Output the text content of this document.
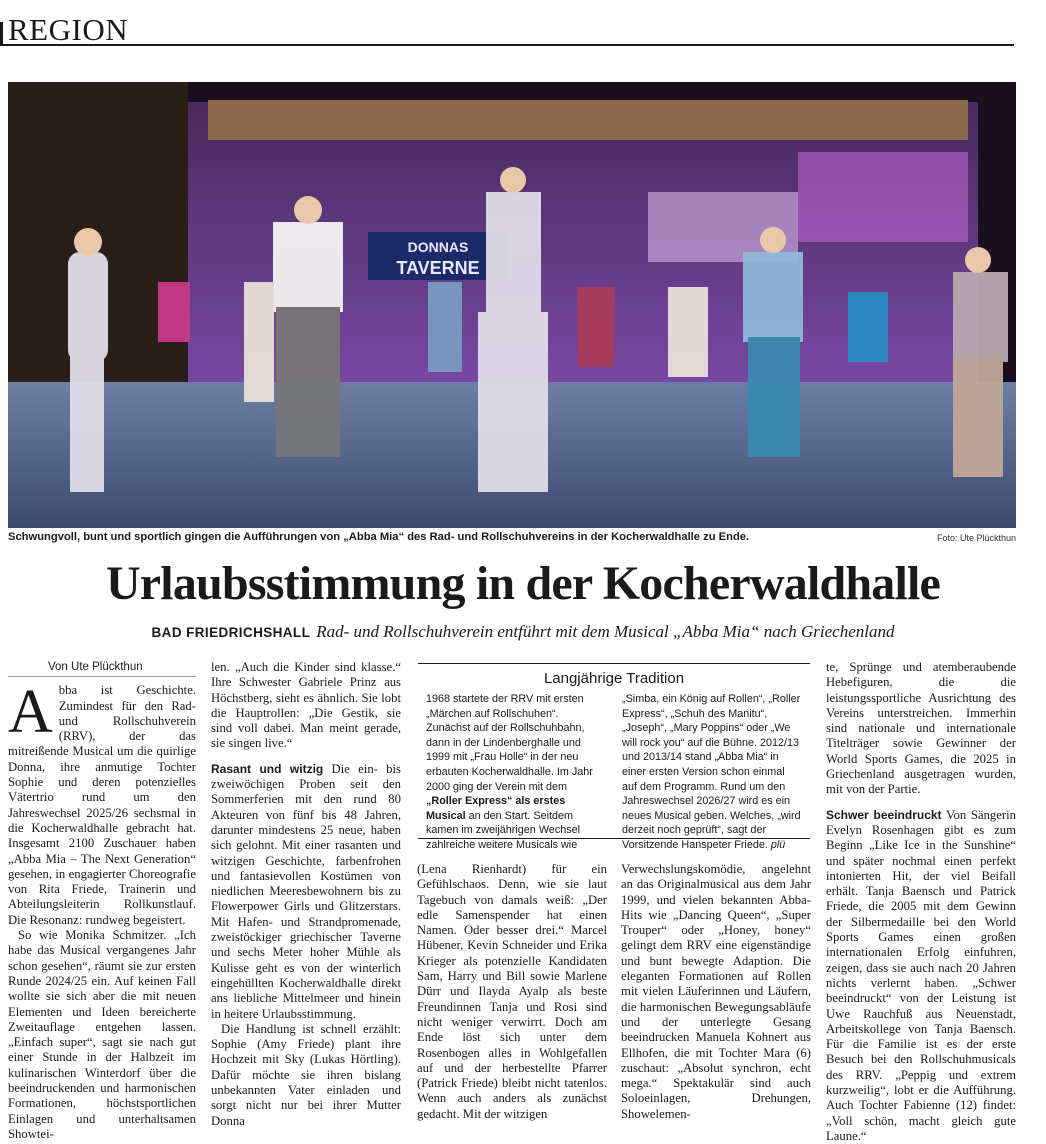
REGION
DONNAS
TAVERNE
Schwungvoll, bunt und sportlich gingen die Aufführungen von „Abba Mia“ des Rad- und Rollschuhvereins in der Kocherwaldhalle zu Ende.	Foto: Ute Plückthun
Urlaubsstimmung in der Kocherwaldhalle
BAD FRIEDRICHSHALL Rad- und Rollschuhverein entführt mit dem Musical „Abba Mia“ nach Griechenland
Von Ute Plückthun

Abba ist Geschichte. Zumindest für den Rad- und Rollschuhverein (RRV), der das mitreißende Musical um die quirlige Donna, ihre anmutige Tochter Sophie und deren potenzielles Vätertrio rund um den Jahreswechsel 2025/26 sechsmal in die Kocherwaldhalle gebracht hat. Insgesamt 2100 Zuschauer haben „Abba Mia – The Next Generation“ gesehen, in engagierter Choreografie von Rita Friede, Trainerin und Abteilungsleiterin Rollkunstlauf. Die Resonanz: rundweg begeistert.

So wie Monika Schmitzer. „Ich habe das Musical vergangenes Jahr schon gesehen“, räumt sie zur ersten Runde 2024/25 ein. Auf keinen Fall wollte sie sich aber die mit neuen Elementen und Ideen bereicherte Zweitauflage entgehen lassen. „Einfach super“, sagt sie nach gut einer Stunde in der Halbzeit im kulinarischen Winterdorf über die beeindruckenden und harmonischen Formationen, höchstsportlichen Einlagen und unterhaltsamen Showtei-

len. „Auch die Kinder sind klasse.“ Ihre Schwester Gabriele Prinz aus Höchstberg, sieht es ähnlich. Sie lobt die Hauptrollen: „Die Gestik, sie sind voll dabei. Man meint gerade, sie singen live.“

Rasant und witzig Die ein- bis zweiwöchigen Proben seit den Sommerferien mit den rund 80 Akteuren von fünf bis 48 Jahren, darunter mindestens 25 neue, haben sich gelohnt. Mit einer rasanten und witzigen Geschichte, farbenfrohen und fantasievollen Kostümen von niedlichen Meeresbewohnern bis zu Flowerpower Girls und Glitzerstars. Mit Hafen- und Strandpromenade, zweistöckiger griechischer Taverne und sechs Meter hoher Mühle als Kulisse geht es von der winterlich eingehüllten Kocherwaldhalle direkt ans liebliche Mittelmeer und hinein in heitere Urlaubsstimmung.

Die Handlung ist schnell erzählt: Sophie (Amy Friede) plant ihre Hochzeit mit Sky (Lukas Hörtling). Dafür möchte sie ihren bislang unbekannten Vater einladen und sorgt nicht nur bei ihrer Mutter Donna

Langjährige Tradition
1968 startete der RRV mit ersten „Märchen auf Rollschuhen“. Zunächst auf der Rollschuhbahn, dann in der Lindenberghalle und 1999 mit „Frau Holle“ in der neu erbauten Kocherwaldhalle. Im Jahr 2000 ging der Verein mit dem „Roller Express“ als erstes Musical an den Start. Seitdem kamen im zweijährigen Wechsel zahlreiche weitere Musicals wie „Simba, ein König auf Rollen“, „Roller Express“, „Schuh des Manitu“, „Joseph“, „Mary Poppins“ oder „We will rock you“ auf die Bühne. 2012/13 und 2013/14 stand „Abba Mia“ in einer ersten Version schon einmal auf dem Programm. Rund um den Jahreswechsel 2026/27 wird es ein neues Musical geben. Welches, „wird derzeit noch geprüft“, sagt der Vorsitzende Hanspeter Friede. plü

(Lena Rienhardt) für ein Gefühlschaos. Denn, wie sie laut Tagebuch von damals weiß: „Der edle Samenspender hat einen Namen. Oder besser drei.“ Marcel Hübener, Kevin Schneider und Erika Krieger als potenzielle Kandidaten Sam, Harry und Bill sowie Marlene Dürr und Ilayda Ayalp als beste Freundinnen Tanja und Rosi sind nicht weniger verwirrt. Doch am Ende löst sich unter dem Rosenbogen alles in Wohlgefallen auf und der herbestellte Pfarrer (Patrick Friede) bleibt nicht tatenlos. Wenn auch anders als zunächst gedacht. Mit der witzigen

Verwechslungskomödie, angelehnt an das Originalmusical aus dem Jahr 1999, und vielen bekannten Abba-Hits wie „Dancing Queen“, „Super Trouper“ oder „Honey, honey“ gelingt dem RRV eine eigenständige und bunt bewegte Adaption. Die eleganten Formationen auf Rollen mit vielen Läuferinnen und Läufern, die harmonischen Bewegungsabläufe und der unterlegte Gesang beeindrucken Manuela Kohnert aus Ellhofen, die mit Tochter Mara (6) zuschaut: „Absolut synchron, echt mega.“ Spektakulär sind auch Soloeinlagen, Drehungen, Showelemen-

te, Sprünge und atemberaubende Hebefiguren, die die leistungssportliche Ausrichtung des Vereins unterstreichen. Immerhin sind nationale und internationale Titelträger sowie Gewinner der World Sports Games, die 2025 in Griechenland ausgetragen wurden, mit von der Partie.

Schwer beeindruckt Von Sängerin Evelyn Rosenhagen gibt es zum Beginn „Like Ice in the Sunshine“ und später nochmal einen perfekt intonierten Hit, der viel Beifall erhält. Tanja Baensch und Patrick Friede, die 2005 mit dem Gewinn der Silbermedaille bei den World Sports Games einen großen internationalen Erfolg einfuhren, zeigen, dass sie auch nach 20 Jahren nichts verlernt haben. „Schwer beeindruckt“ von der Leistung ist Uwe Rauchfuß aus Neuenstadt, Arbeitskollege von Tanja Baensch. Für die Familie ist es der erste Besuch bei den Rollschuhmusicals des RRV. „Peppig und extrem kurzweilig“, lobt er die Aufführung. Auch Tochter Fabienne (12) findet: „Voll schön, macht gleich gute Laune.“
